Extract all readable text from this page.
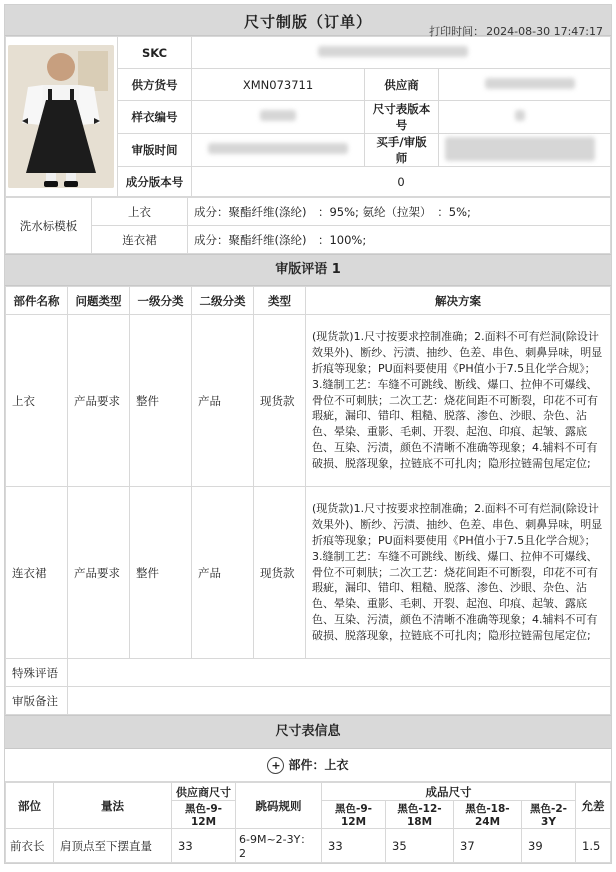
尺寸制版（订单）
打印时间： 2024-08-30 17:47:17
	SKC			
	供方货号	XMN073711	供应商	
	样衣编号		尺寸表版本号	
	审版时间		买手/审版师	
	成分版本号	0		
洗水标模板	上衣	成分：聚酯纤维(涤纶)　：95%; 氨纶（拉架）　：5%;
	连衣裙	成分：聚酯纤维(涤纶)　：100%;
审版评语 1
部件名称	问题类型	一级分类	二级分类	类型	解决方案
上衣	产品要求	整件	产品	现货款	(现货款)1.尺寸按要求控制准确；2.面料不可有烂洞(除设计效果外)、断纱、污渍、抽纱、色差、串色、刺鼻异味，明显折痕等现象；PU面料要使用《PH值小于7.5且化学合规》；3.缝制工艺：车缝不可跳线、断线、爆口、拉伸不可爆线、骨位不可刺肤；二次工艺：烧花间距不可断裂，印花不可有瑕疵，漏印、错印、粗糙、脱落、渗色、沙眼、杂色、沾色、晕染、重影、毛刺、开裂、起泡、印痕、起皱、露底色、互染、污渍，颜色不清晰不准确等现象；4.辅料不可有破损、脱落现象，拉链底不可扎肉；隐形拉链需包尾定位;
连衣裙	产品要求	整件	产品	现货款	(现货款)1.尺寸按要求控制准确；2.面料不可有烂洞(除设计效果外)、断纱、污渍、抽纱、色差、串色、刺鼻异味，明显折痕等现象；PU面料要使用《PH值小于7.5且化学合规》；3.缝制工艺：车缝不可跳线、断线、爆口、拉伸不可爆线、骨位不可刺肤；二次工艺：烧花间距不可断裂，印花不可有瑕疵，漏印、错印、粗糙、脱落、渗色、沙眼、杂色、沾色、晕染、重影、毛刺、开裂、起泡、印痕、起皱、露底色、互染、污渍，颜色不清晰不准确等现象；4.辅料不可有破损、脱落现象，拉链底不可扎肉；隐形拉链需包尾定位;
特殊评语					
审版备注					
尺寸表信息
+ 部件：上衣
部位	量法	供应商尺寸	跳码规则	成品尺寸				允差
		黑色-9-12M		黑色-9-12M	黑色-12-18M	黑色-18-24M	黑色-2-3Y	
前衣长	肩顶点至下摆直量	33	6-9M~2-3Y：2	33	35	37	39	1.5
